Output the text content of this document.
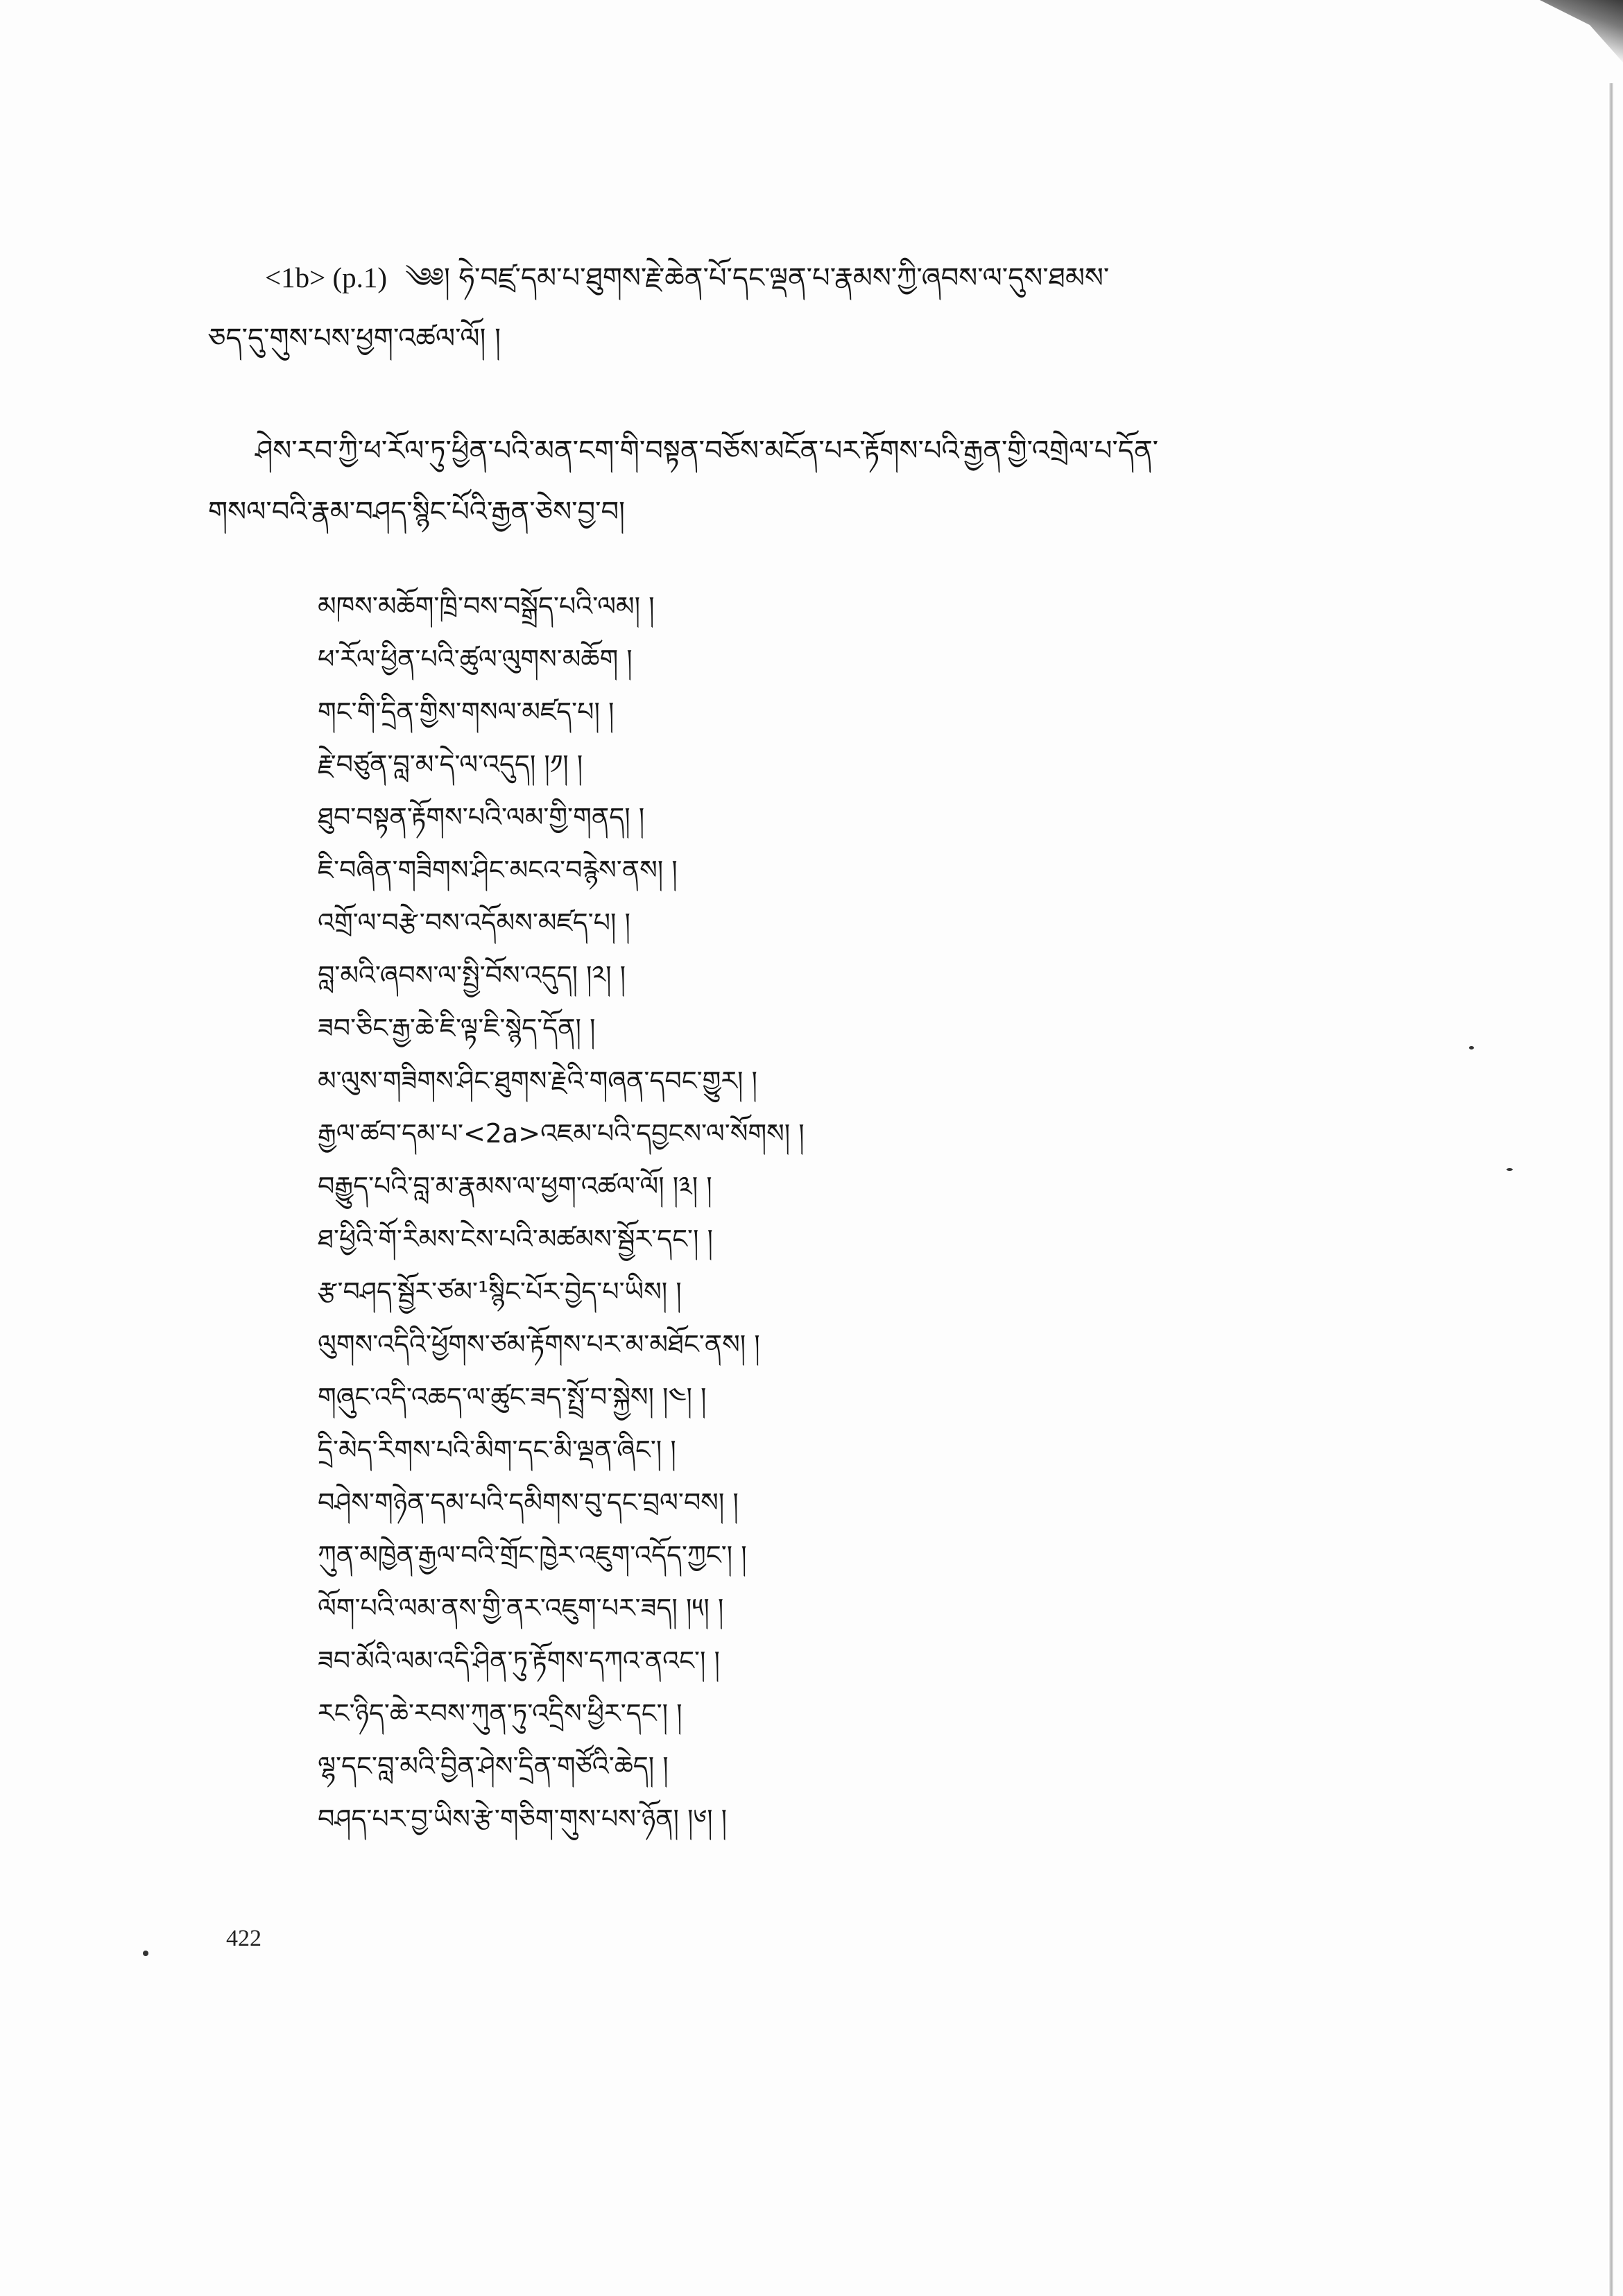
<1b> (p.1) ༄༅། ཧེ་བཛྲ་དམ་པ་ཐུགས་རྗེ་ཆེན་པོ་དང་ལྡན་པ་རྣམས་ཀྱི་ཞབས་ལ་དུས་ཐམས་
ཅད་དུ་གུས་པས་ཕྱག་འཚལ་ལོ། །
ཤེས་རབ་ཀྱི་ཕ་རོལ་ཏུ་ཕྱིན་པའི་མན་ངག་གི་བསྟན་བཅོས་མངོན་པར་རྟོགས་པའི་རྒྱན་གྱི་འགྲེལ་པ་དོན་
གསལ་བའི་རྣམ་བཤད་སྙིང་པོའི་རྒྱན་ཅེས་བྱ་བ།
མཁས་མཆོག་ཁྲི་བས་བསྒྲོད་པའི་ལམ། །
ཕ་རོལ་ཕྱིན་པའི་ཚུལ་ལུགས་མཆོག །
གང་གི་དྲིན་གྱིས་གསལ་མཛད་པ། །
རྗེ་བཙུན་བླ་མ་དེ་ལ་འདུད། །༡། །
ཐུབ་བསྟན་རྟོགས་པའི་ལམ་གྱི་གནད། །
ཇི་བཞིན་གཟིགས་ཤིང་མངའ་བརྙེས་ནས། །
འགྲོ་ལ་བརྩེ་བས་འདོམས་མཛད་པ། །
བླ་མའི་ཞབས་ལ་སྤྱི་བོས་འདུད། །༢། །
ཟབ་ཅིང་རྒྱ་ཆེ་ཇི་ལྟ་ཇི་སྙེད་དོན། །
མ་ལུས་གཟིགས་ཤིང་ཐུགས་རྗེའི་གཞན་དབང་གྱུར། །
རྒྱལ་ཚབ་དམ་པ་<2a>འཇམ་པའི་དབྱངས་ལ་སོགས། །
བརྒྱུད་པའི་བླ་མ་རྣམས་ལ་ཕྱག་འཚལ་ལོ། །༣། །
ཐ་ཕྱིའི་གོ་རིམས་ངེས་པའི་མཚམས་སྦྱོར་དང་། །
རྩ་བཤད་སྦྱོར་ཙམ་¹སྙིང་པོར་བྱེད་པ་ཡིས། །
ལུགས་འདིའི་ཕྱོགས་ཙམ་རྟོགས་པར་མ་མཐོང་ནས། །
གཞུང་འདི་འཆད་ལ་ཚུང་ཟད་སྤྲོ་བ་སྐྱེས། །༤། །
དྲི་མེད་རིགས་པའི་མིག་དང་མི་ལྡན་ཞིང་། །
བཤེས་གཉེན་དམ་པའི་དམིགས་བུ་དང་བྲལ་བས། །
ཀུན་མཁྱེན་རྒྱལ་བའི་གྲོང་ཁྱེར་འཇུག་འདོད་ཀྱང་། །
ལོག་པའི་ལམ་ནས་གྱི་ནར་འཇུག་པར་ཟད། །༥། །
ཟབ་མོའི་ལམ་འདི་ཤིན་ཏུ་རྟོགས་དཀའ་ནའང་། །
རང་ཉིད་ཆེ་རབས་ཀུན་ཏུ་འདྲིས་ཕྱིར་དང་། །
ལྷ་དང་བླ་མའི་བྱིན་ཤེས་དྲིན་གཙོའི་ཆེད། །
བཤད་པར་བྱ་ཡིས་རྩེ་གཅིག་གུས་པས་ཉོན། །༦། །
422
